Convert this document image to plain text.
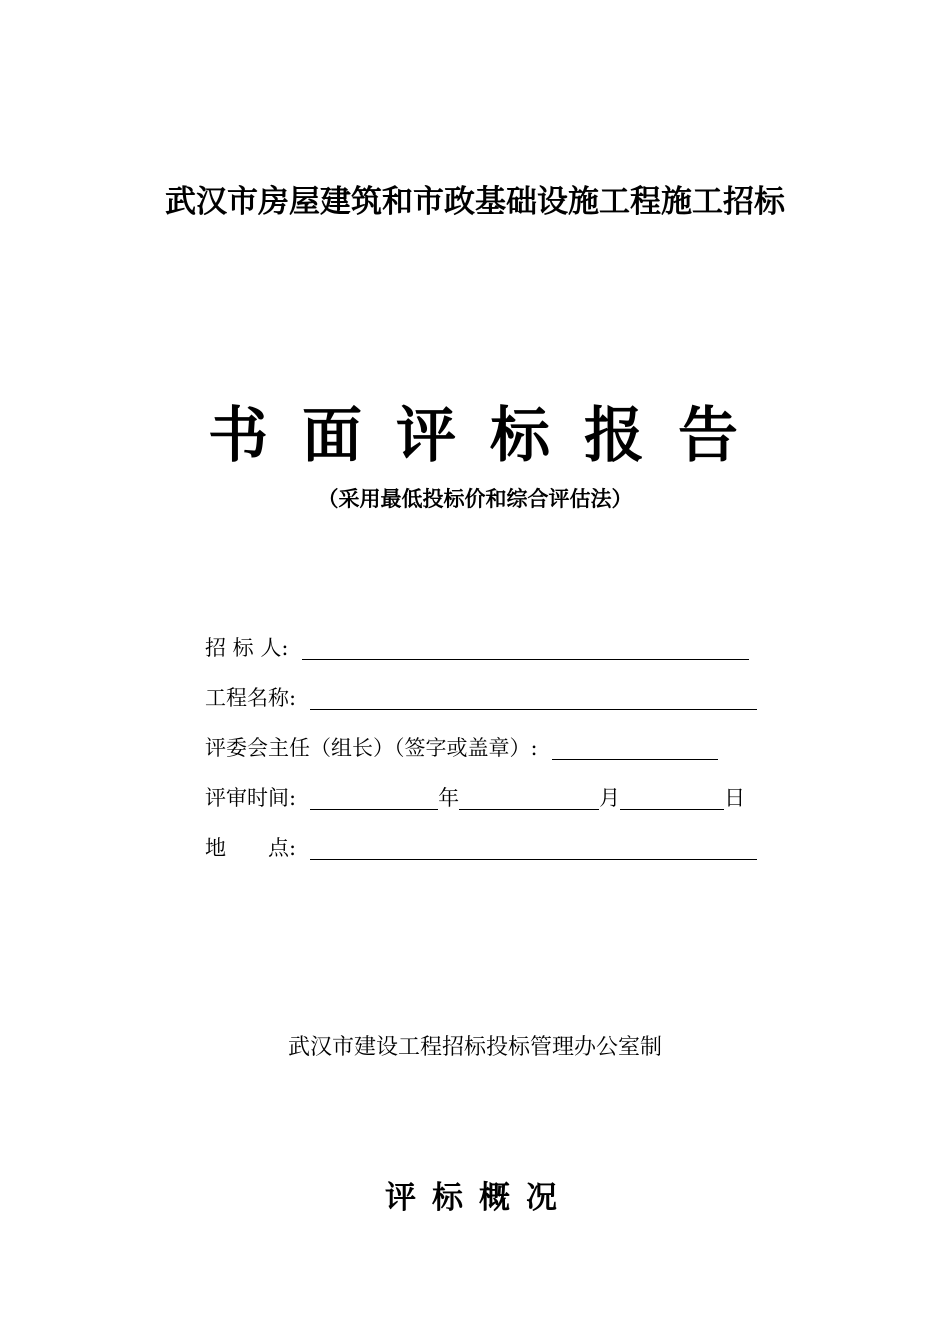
武汉市房屋建筑和市政基础设施工程施工招标
书面评标报告
（采用最低投标价和综合评估法）
招 标 人:
工程名称:
评委会主任（组长）（签字或盖章）:
评审时间:	年	月	日
地　　点:
武汉市建设工程招标投标管理办公室制
评标概况
